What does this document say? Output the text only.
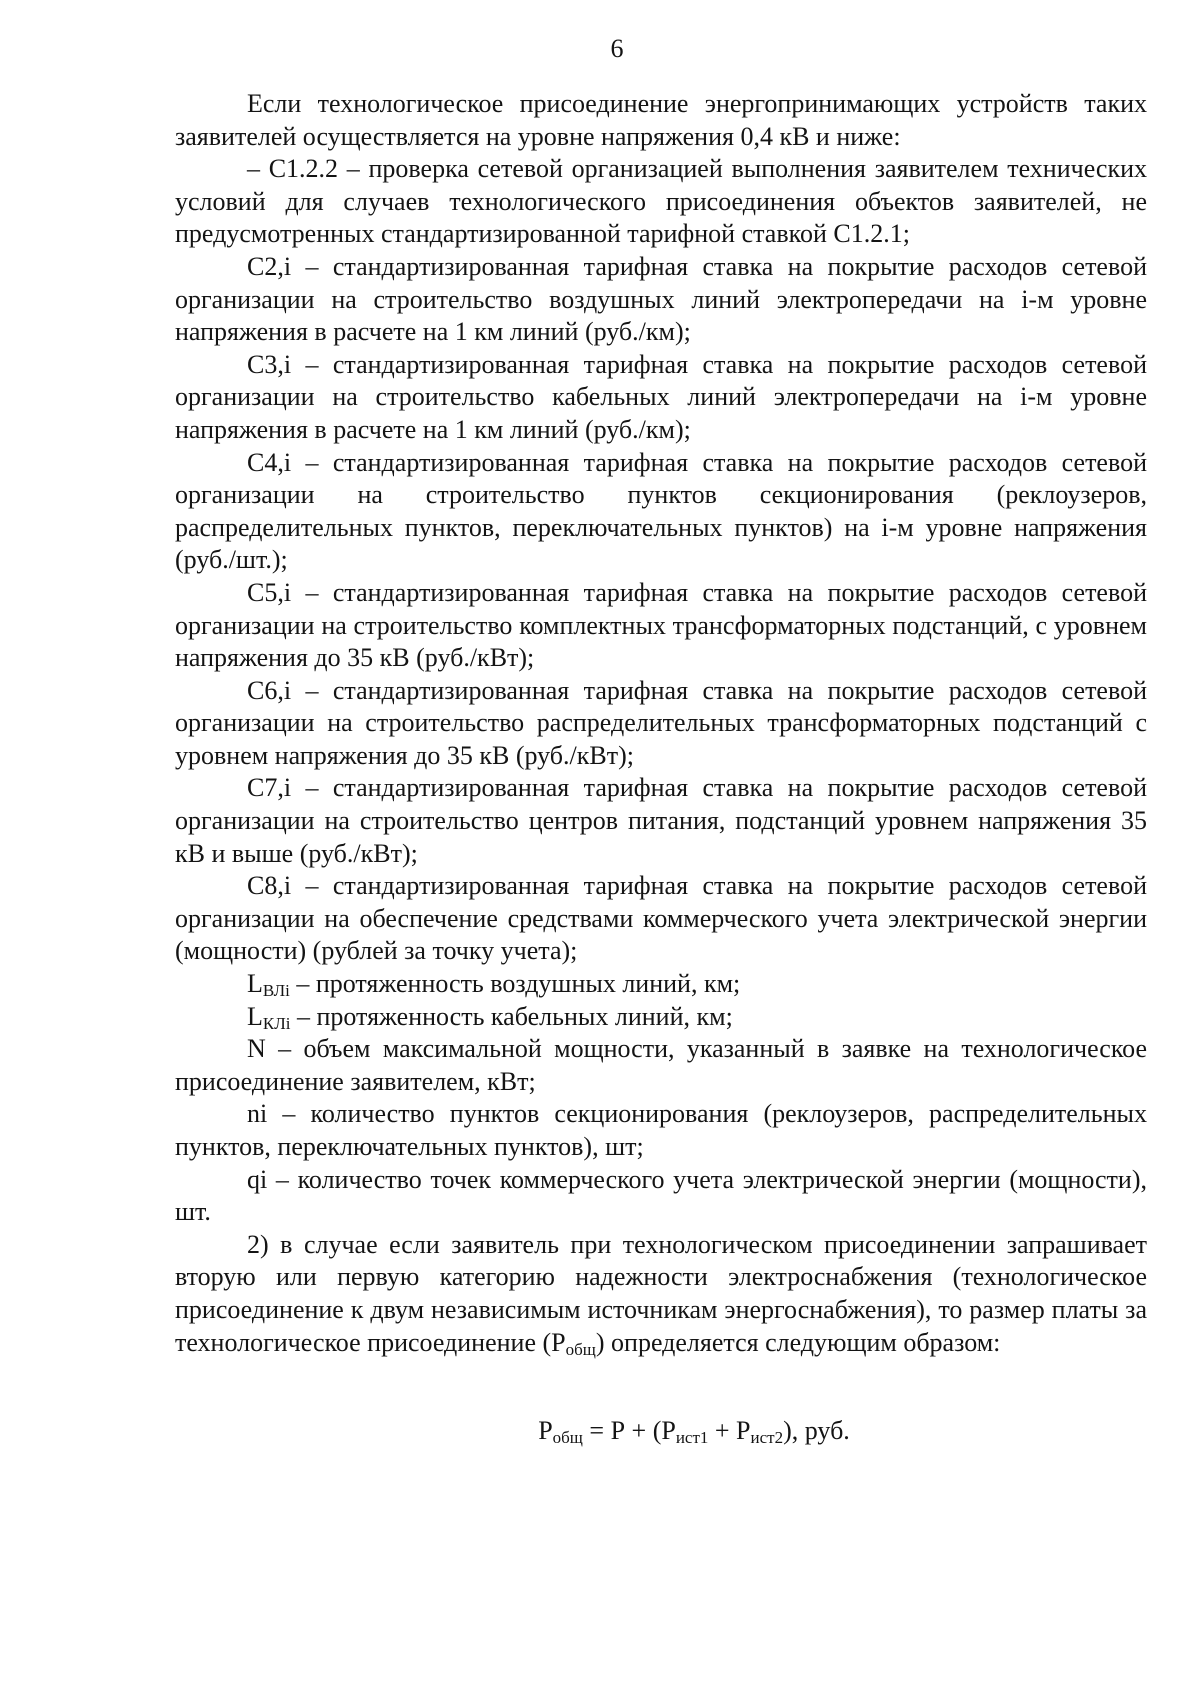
6

Если технологическое присоединение энергопринимающих устройств таких заявителей осуществляется на уровне напряжения 0,4 кВ и ниже:

– С1.2.2 – проверка сетевой организацией выполнения заявителем технических условий для случаев технологического присоединения объектов заявителей, не предусмотренных стандартизированной тарифной ставкой С1.2.1;

С2,i – стандартизированная тарифная ставка на покрытие расходов сетевой организации на строительство воздушных линий электропередачи на i-м уровне напряжения в расчете на 1 км линий (руб./км);

С3,i – стандартизированная тарифная ставка на покрытие расходов сетевой организации на строительство кабельных линий электропередачи на i-м уровне напряжения в расчете на 1 км линий (руб./км);

С4,i – стандартизированная тарифная ставка на покрытие расходов сетевой организации на строительство пунктов секционирования (реклоузеров, распределительных пунктов, переключательных пунктов) на i-м уровне напряжения (руб./шт.);

С5,i – стандартизированная тарифная ставка на покрытие расходов сетевой организации на строительство комплектных трансформаторных подстанций, с уровнем напряжения до 35 кВ (руб./кВт);

С6,i – стандартизированная тарифная ставка на покрытие расходов сетевой организации на строительство распределительных трансформаторных подстанций с уровнем напряжения до 35 кВ (руб./кВт);

С7,i – стандартизированная тарифная ставка на покрытие расходов сетевой организации на строительство центров питания, подстанций уровнем напряжения 35 кВ и выше (руб./кВт);

С8,i – стандартизированная тарифная ставка на покрытие расходов сетевой организации на обеспечение средствами коммерческого учета электрической энергии (мощности) (рублей за точку учета);

$L_{ВЛi}$ – протяженность воздушных линий, км;

$L_{КЛi}$ – протяженность кабельных линий, км;

N – объем максимальной мощности, указанный в заявке на технологическое присоединение заявителем, кВт;

ni – количество пунктов секционирования (реклоузеров, распределительных пунктов, переключательных пунктов), шт;

qi – количество точек коммерческого учета электрической энергии (мощности), шт.

2) в случае если заявитель при технологическом присоединении запрашивает вторую или первую категорию надежности электроснабжения (технологическое присоединение к двум независимым источникам энергоснабжения), то размер платы за технологическое присоединение $(Р_{общ})$ определяется следующим образом:

$Р_{общ} = Р + (Р_{ист1} + Р_{ист2})$, руб.
